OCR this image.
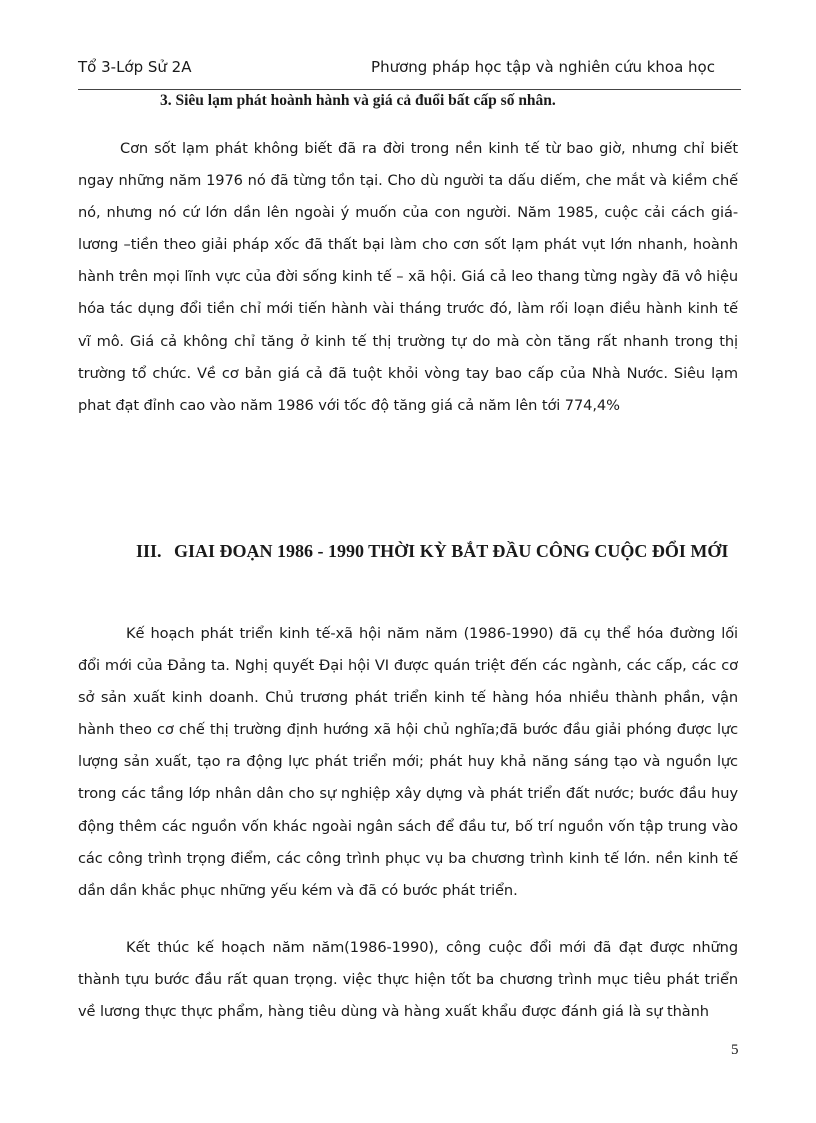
Tổ 3-Lớp Sử 2A	Phương pháp học tập và nghiên cứu khoa học
3. Siêu lạm phát hoành hành và giá cả đuổi bất cấp số nhân.

Cơn sốt lạm phát không biết đã ra đời trong nền kinh tế từ bao giờ, nhưng chỉ biết ngay những năm 1976 nó đã từng tồn tại. Cho dù người ta dấu diếm, che mắt và kiềm chế nó, nhưng nó cứ lớn dần lên ngoài ý muốn của con người. Năm 1985, cuộc cải cách giá- lương –tiền theo giải pháp xốc đã thất bại làm cho cơn sốt lạm phát vụt lớn nhanh, hoành hành trên mọi lĩnh vực của đời sống kinh tế – xã hội. Giá cả leo thang từng ngày đã vô hiệu hóa tác dụng đổi tiền chỉ mới tiến hành vài tháng trước đó, làm rối loạn điều hành kinh tế vĩ mô. Giá cả không chỉ tăng ở kinh tế thị trường tự do mà còn tăng rất nhanh trong thị trường tổ chức. Về cơ bản giá cả đã tuột khỏi vòng tay bao cấp của Nhà Nước. Siêu lạm phat đạt đỉnh cao vào năm 1986 với tốc độ tăng giá cả năm lên tới 774,4%

III. GIAI ĐOẠN 1986 - 1990 THỜI KỲ BẮT ĐẦU CÔNG CUỘC ĐỔI MỚI

Kế hoạch phát triển kinh tế-xã hội năm năm (1986-1990) đã cụ thể hóa đường lối đổi mới của Đảng ta. Nghị quyết Đại hội VI được quán triệt đến các ngành, các cấp, các cơ sở sản xuất kinh doanh. Chủ trương phát triển kinh tế hàng hóa nhiều thành phần, vận hành theo cơ chế thị trường định hướng xã hội chủ nghĩa;đã bước đầu giải phóng được lực lượng sản xuất, tạo ra động lực phát triển mới; phát huy khả năng sáng tạo và nguồn lực trong các tầng lớp nhân dân cho sự nghiệp xây dựng và phát triển đất nước; bước đầu huy động thêm các nguồn vốn khác ngoài ngân sách để đầu tư, bố trí nguồn vốn tập trung vào các công trình trọng điểm, các công trình phục vụ ba chương trình kinh tế lớn. nền kinh tế dần dần khắc phục những yếu kém và đã có bước phát triển.

Kết thúc kế hoạch năm năm(1986-1990), công cuộc đổi mới đã đạt được những thành tựu bước đầu rất quan trọng. việc thực hiện tốt ba chương trình mục tiêu phát triển về lương thực thực phẩm, hàng tiêu dùng và hàng xuất khẩu được đánh giá là sự thành

5
